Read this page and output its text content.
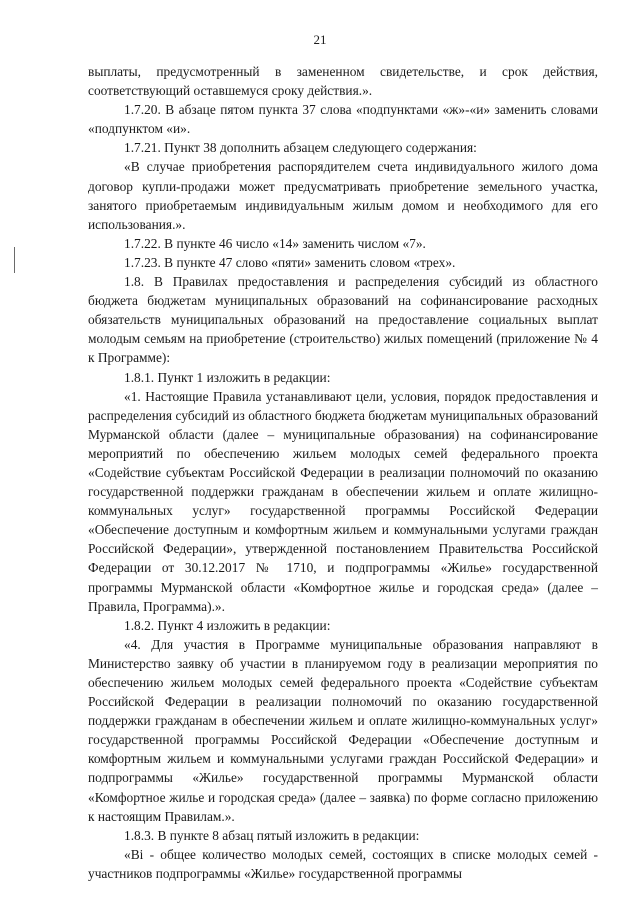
21

выплаты, предусмотренный в замененном свидетельстве, и срок действия, соответствующий оставшемуся сроку действия.».

1.7.20. В абзаце пятом пункта 37 слова «подпунктами «ж»-«и» заменить словами «подпунктом «и».

1.7.21. Пункт 38 дополнить абзацем следующего содержания:

«В случае приобретения распорядителем счета индивидуального жилого дома договор купли-продажи может предусматривать приобретение земельного участка, занятого приобретаемым индивидуальным жилым домом и необходимого для его использования.».

1.7.22. В пункте 46 число «14» заменить числом «7».

1.7.23. В пункте 47 слово «пяти» заменить словом «трех».

1.8. В Правилах предоставления и распределения субсидий из областного бюджета бюджетам муниципальных образований на софинансирование расходных обязательств муниципальных образований на предоставление социальных выплат молодым семьям на приобретение (строительство) жилых помещений (приложение № 4 к Программе):

1.8.1. Пункт 1 изложить в редакции:

«1. Настоящие Правила устанавливают цели, условия, порядок предоставления и распределения субсидий из областного бюджета бюджетам муниципальных образований Мурманской области (далее – муниципальные образования) на софинансирование мероприятий по обеспечению жильем молодых семей федерального проекта «Содействие субъектам Российской Федерации в реализации полномочий по оказанию государственной поддержки гражданам в обеспечении жильем и оплате жилищно-коммунальных услуг» государственной программы Российской Федерации «Обеспечение доступным и комфортным жильем и коммунальными услугами граждан Российской Федерации», утвержденной постановлением Правительства Российской Федерации от 30.12.2017 № 1710, и подпрограммы «Жилье» государственной программы Мурманской области «Комфортное жилье и городская среда» (далее – Правила, Программа).».

1.8.2. Пункт 4 изложить в редакции:

«4. Для участия в Программе муниципальные образования направляют в Министерство заявку об участии в планируемом году в реализации мероприятия по обеспечению жильем молодых семей федерального проекта «Содействие субъектам Российской Федерации в реализации полномочий по оказанию государственной поддержки гражданам в обеспечении жильем и оплате жилищно-коммунальных услуг» государственной программы Российской Федерации «Обеспечение доступным и комфортным жильем и коммунальными услугами граждан Российской Федерации» и подпрограммы «Жилье» государственной программы Мурманской области «Комфортное жилье и городская среда» (далее – заявка) по форме согласно приложению к настоящим Правилам.».

1.8.3. В пункте 8 абзац пятый изложить в редакции:

«Bi - общее количество молодых семей, состоящих в списке молодых семей - участников подпрограммы «Жилье» государственной программы
